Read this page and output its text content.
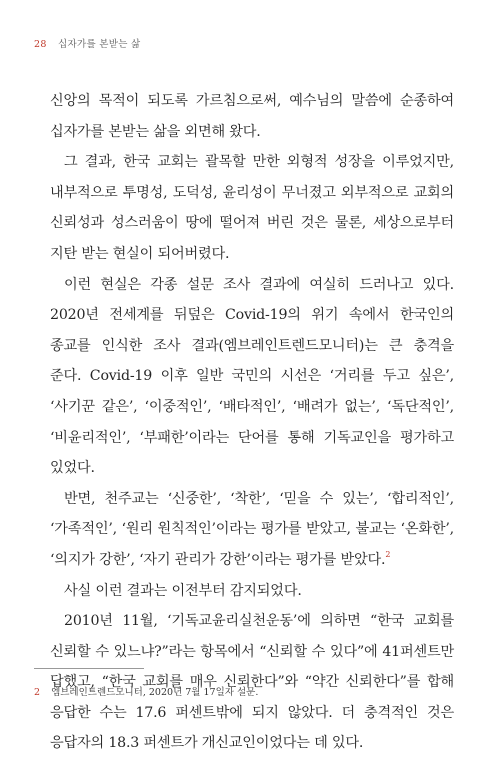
28 십자가를 본받는 삶

신앙의 목적이 되도록 가르침으로써, 예수님의 말씀에 순종하여 십자가를 본받는 삶을 외면해 왔다.

그 결과, 한국 교회는 괄목할 만한 외형적 성장을 이루었지만, 내부적으로 투명성, 도덕성, 윤리성이 무너졌고 외부적으로 교회의 신뢰성과 성스러움이 땅에 떨어져 버린 것은 물론, 세상으로부터 지탄 받는 현실이 되어버렸다.

이런 현실은 각종 설문 조사 결과에 여실히 드러나고 있다. 2020년 전세계를 뒤덮은 Covid-19의 위기 속에서 한국인의 종교를 인식한 조사 결과(엠브레인트렌드모니터)는 큰 충격을 준다. Covid-19 이후 일반 국민의 시선은 ‘거리를 두고 싶은’, ‘사기꾼 같은’, ‘이중적인’, ‘배타적인’, ‘배려가 없는’, ‘독단적인’, ‘비윤리적인’, ‘부패한’이라는 단어를 통해 기독교인을 평가하고 있었다.

반면, 천주교는 ‘신중한’, ‘착한’, ‘믿을 수 있는’, ‘합리적인’, ‘가족적인’, ‘원리 원칙적인’이라는 평가를 받았고, 불교는 ‘온화한’, ‘의지가 강한’, ‘자기 관리가 강한’이라는 평가를 받았다.$^2$

사실 이런 결과는 이전부터 감지되었다.

2010년 11월, ‘기독교윤리실천운동’에 의하면 “한국 교회를 신뢰할 수 있느냐?”라는 항목에서 “신뢰할 수 있다”에 41퍼센트만 답했고, “한국 교회를 매우 신뢰한다”와 “약간 신뢰한다”를 합해 응답한 수는 17.6 퍼센트밖에 되지 않았다. 더 충격적인 것은 응답자의 18.3 퍼센트가 개신교인이었다는 데 있다.

2 엠브레인트렌드모니터, 2020년 7월 17일자 설문.
